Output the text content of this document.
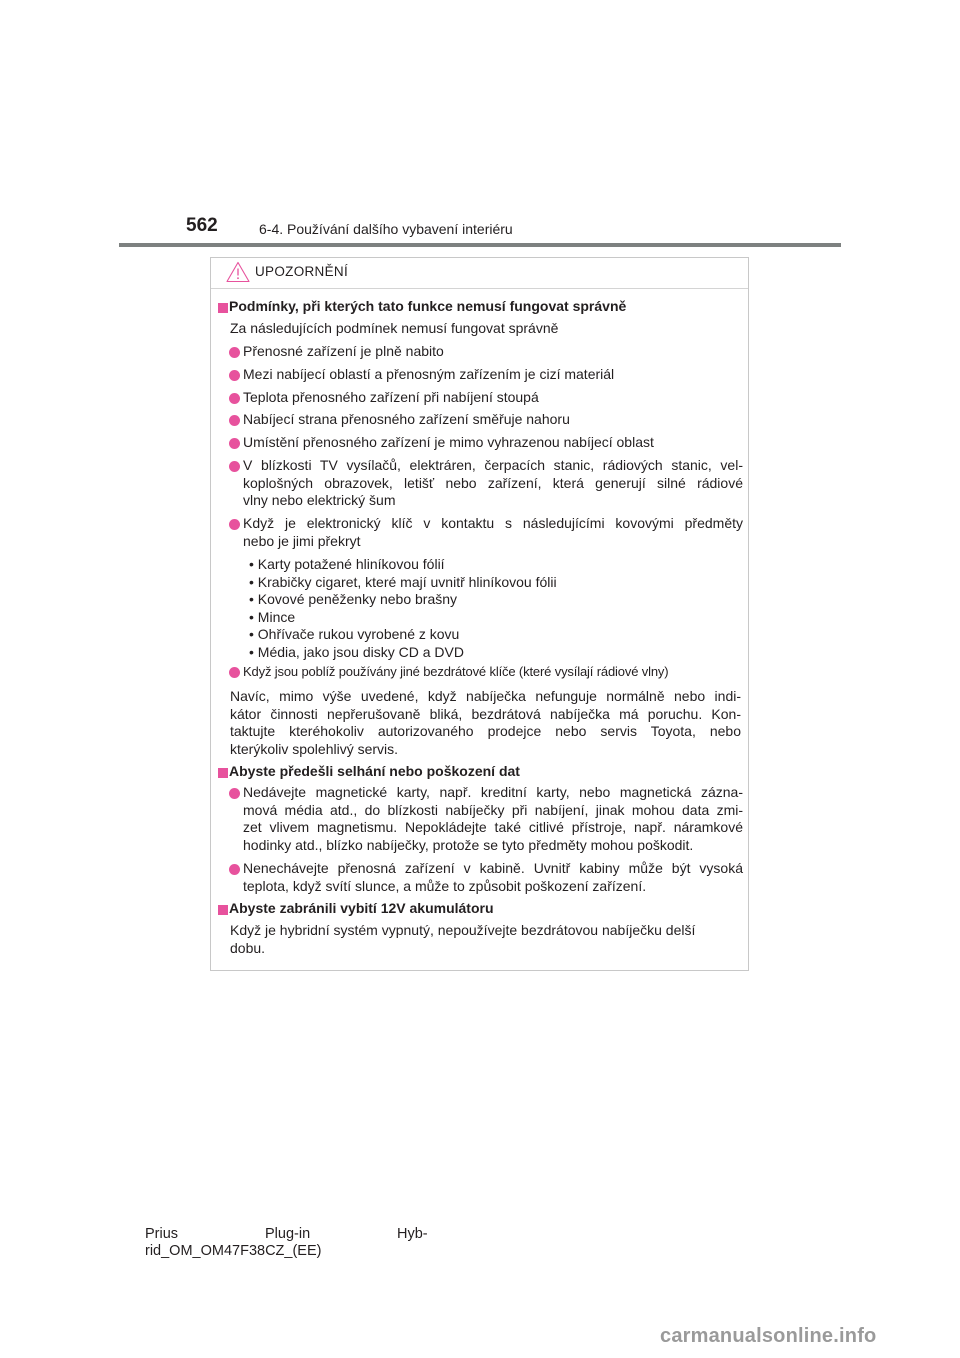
562	6-4. Používání dalšího vybavení interiéru
UPOZORNĚNÍ
Podmínky, při kterých tato funkce nemusí fungovat správně
Za následujících podmínek nemusí fungovat správně
Přenosné zařízení je plně nabito
Mezi nabíjecí oblastí a přenosným zařízením je cizí materiál
Teplota přenosného zařízení při nabíjení stoupá
Nabíjecí strana přenosného zařízení směřuje nahoru
Umístění přenosného zařízení je mimo vyhrazenou nabíjecí oblast
V blízkosti TV vysílačů, elektráren, čerpacích stanic, rádiových stanic, vel-
koplošných obrazovek, letišť nebo zařízení, která generují silné rádiové
vlny nebo elektrický šum
Když je elektronický klíč v kontaktu s následujícími kovovými předměty
nebo je jimi překryt
• Karty potažené hliníkovou fólií
• Krabičky cigaret, které mají uvnitř hliníkovou fólii
• Kovové peněženky nebo brašny
• Mince
• Ohřívače rukou vyrobené z kovu
• Média, jako jsou disky CD a DVD
Když jsou poblíž používány jiné bezdrátové klíče (které vysílají rádiové vlny)
Navíc, mimo výše uvedené, když nabíječka nefunguje normálně nebo indi-
kátor činnosti nepřerušovaně bliká, bezdrátová nabíječka má poruchu. Kon-
taktujte kteréhokoliv autorizovaného prodejce nebo servis Toyota, nebo
kterýkoliv spolehlivý servis.
Abyste předešli selhání nebo poškození dat
Nedávejte magnetické karty, např. kreditní karty, nebo magnetická zázna-
mová média atd., do blízkosti nabíječky při nabíjení, jinak mohou data zmi-
zet vlivem magnetismu. Nepokládejte také citlivé přístroje, např. náramkové
hodinky atd., blízko nabíječky, protože se tyto předměty mohou poškodit.
Nenechávejte přenosná zařízení v kabině. Uvnitř kabiny může být vysoká
teplota, když svítí slunce, a může to způsobit poškození zařízení.
Abyste zabránili vybití 12V akumulátoru
Když je hybridní systém vypnutý, nepoužívejte bezdrátovou nabíječku delší
dobu.
Prius
rid_OM_OM47F38CZ_(EE)
Plug-in	Hyb-
carmanualsonline.info
